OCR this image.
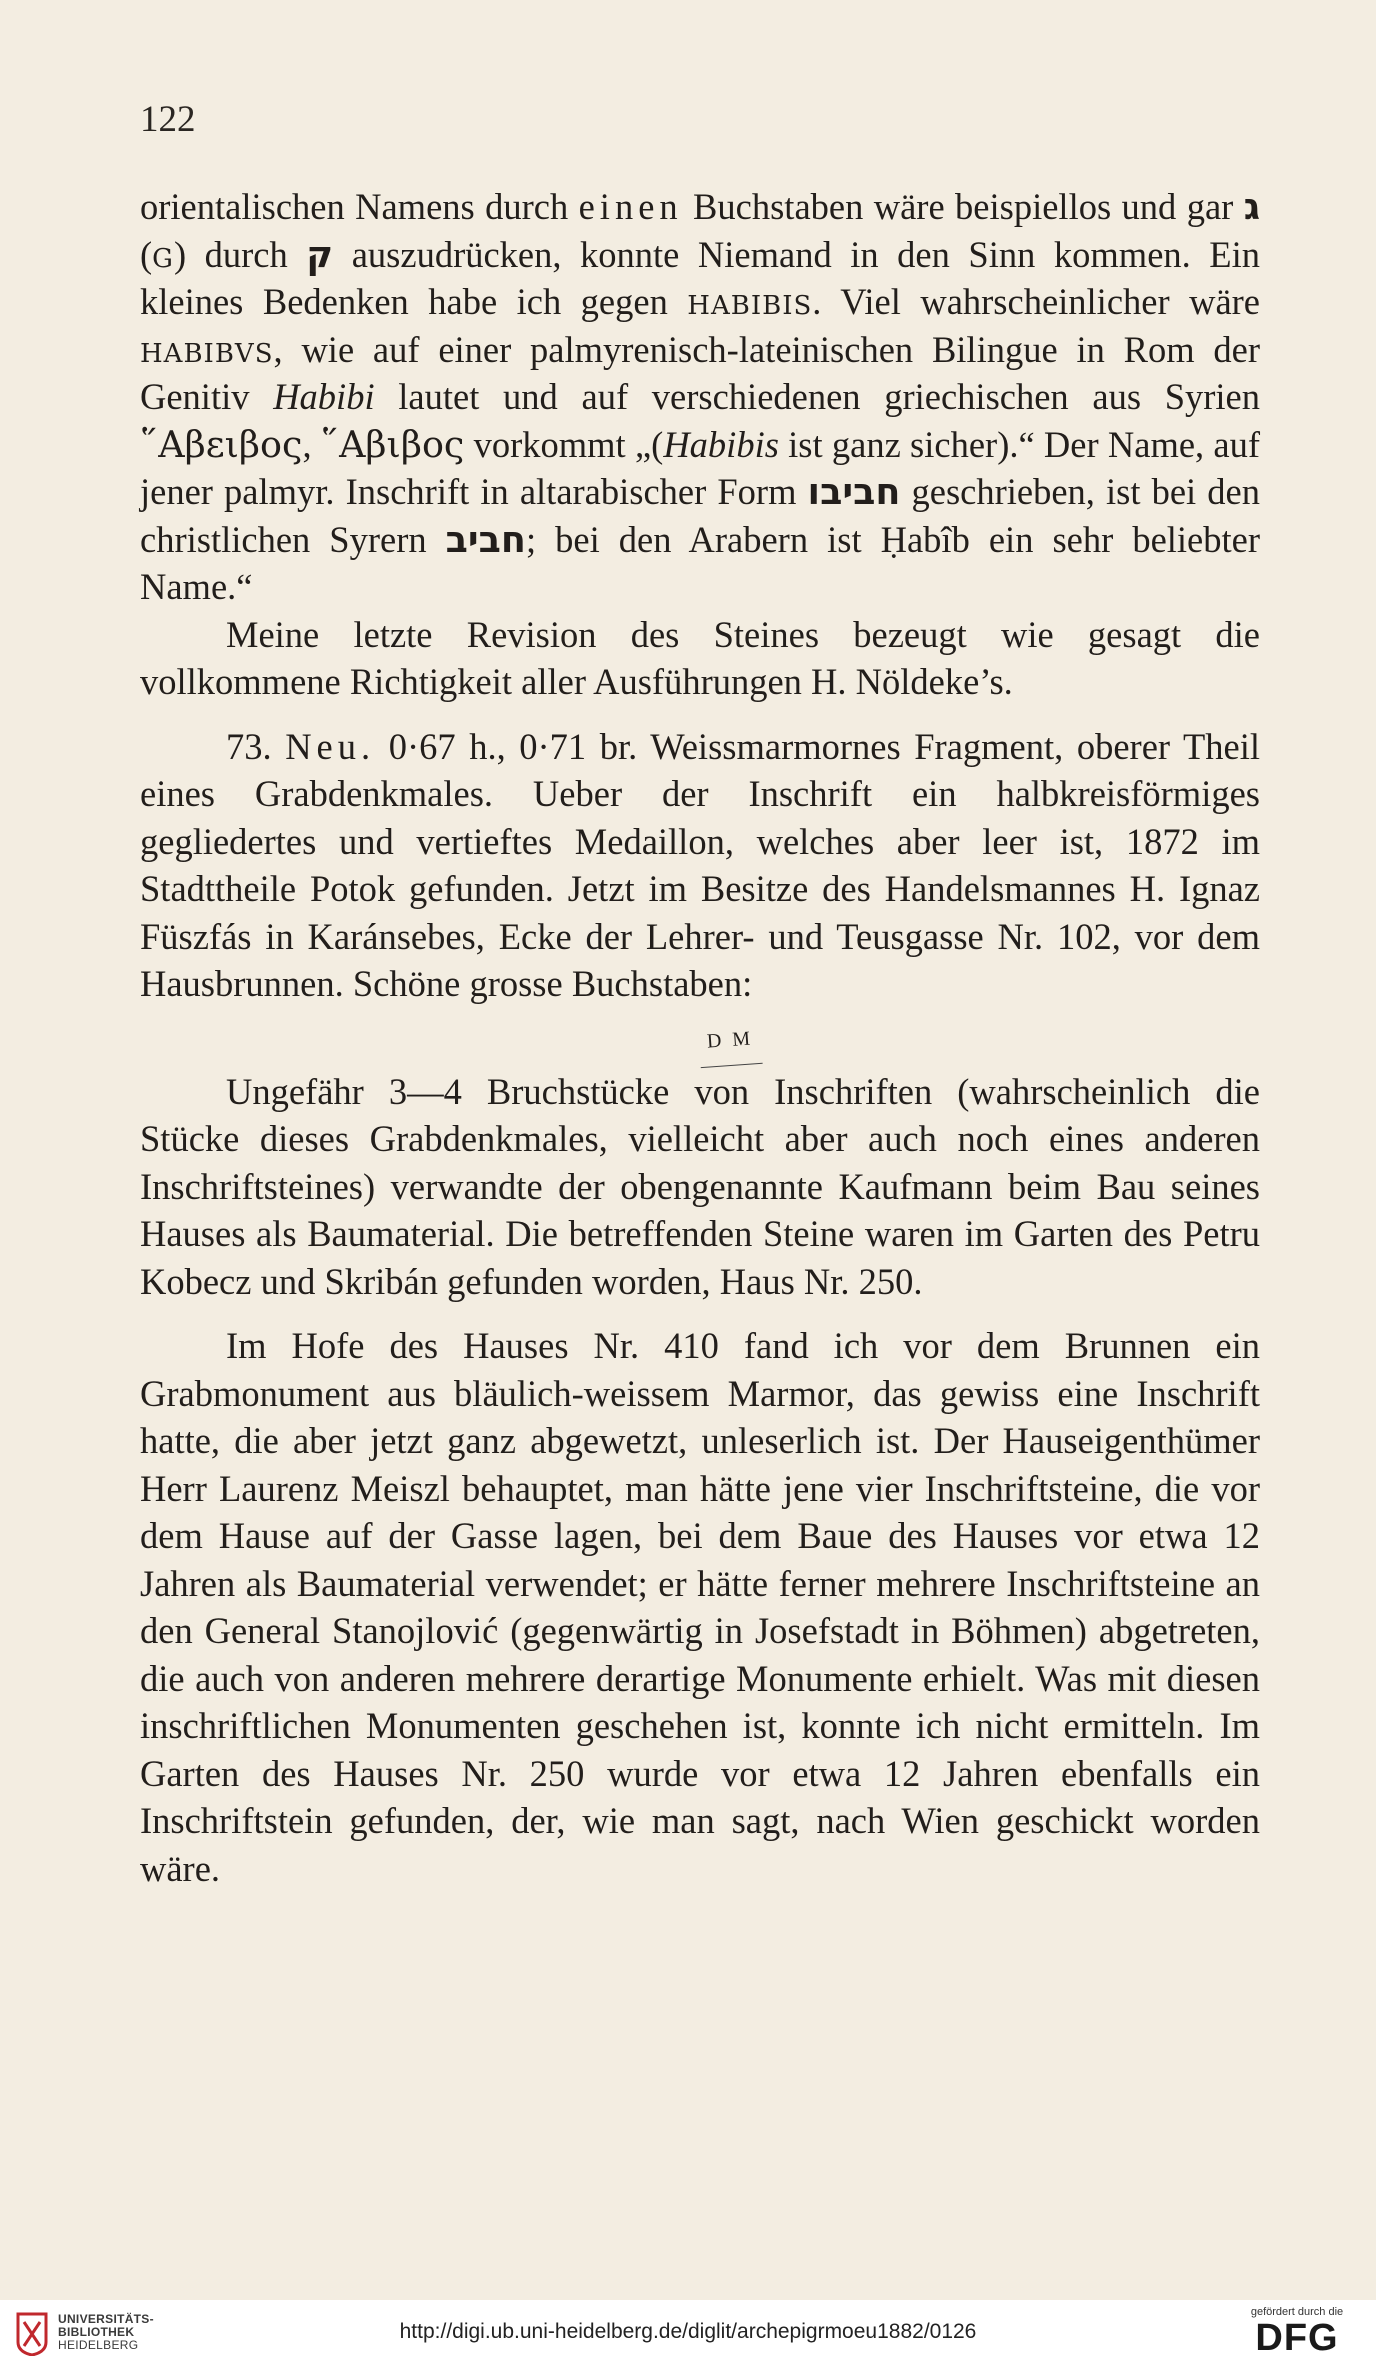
122

orientalischen Namens durch einen Buchstaben wäre beispiellos und gar ג (g) durch ק auszudrücken, konnte Niemand in den Sinn kommen. Ein kleines Bedenken habe ich gegen habibis. Viel wahrscheinlicher wäre habibvs, wie auf einer palmyrenisch-lateinischen Bilingue in Rom der Genitiv Habibi lautet und auf verschiedenen griechischen aus Syrien ῞Αβειβος, ῞Αβιβος vorkommt „(Habibis ist ganz sicher).“ Der Name, auf jener palmyr. Inschrift in altarabischer Form חביבו geschrieben, ist bei den christlichen Syrern חביב; bei den Arabern ist Ḥabîb ein sehr beliebter Name.“

Meine letzte Revision des Steines bezeugt wie gesagt die vollkommene Richtigkeit aller Ausführungen H. Nöldeke’s.

73. Neu. 0·67 h., 0·71 br. Weissmarmornes Fragment, oberer Theil eines Grabdenkmales. Ueber der Inschrift ein halbkreisförmiges gegliedertes und vertieftes Medaillon, welches aber leer ist, 1872 im Stadttheile Potok gefunden. Jetzt im Besitze des Handelsmannes H. Ignaz Füszfás in Karánsebes, Ecke der Lehrer- und Teusgasse Nr. 102, vor dem Hausbrunnen. Schöne grosse Buchstaben:

D M

Ungefähr 3—4 Bruchstücke von Inschriften (wahrscheinlich die Stücke dieses Grabdenkmales, vielleicht aber auch noch eines anderen Inschriftsteines) verwandte der obengenannte Kaufmann beim Bau seines Hauses als Baumaterial. Die betreffenden Steine waren im Garten des Petru Kobecz und Skribán gefunden worden, Haus Nr. 250.

Im Hofe des Hauses Nr. 410 fand ich vor dem Brunnen ein Grabmonument aus bläulich-weissem Marmor, das gewiss eine Inschrift hatte, die aber jetzt ganz abgewetzt, unleserlich ist. Der Hauseigenthümer Herr Laurenz Meiszl behauptet, man hätte jene vier Inschriftsteine, die vor dem Hause auf der Gasse lagen, bei dem Baue des Hauses vor etwa 12 Jahren als Baumaterial verwendet; er hätte ferner mehrere Inschriftsteine an den General Stanojlović (gegenwärtig in Josefstadt in Böhmen) abgetreten, die auch von anderen mehrere derartige Monumente erhielt. Was mit diesen inschriftlichen Monumenten geschehen ist, konnte ich nicht ermitteln. Im Garten des Hauses Nr. 250 wurde vor etwa 12 Jahren ebenfalls ein Inschriftstein gefunden, der, wie man sagt, nach Wien geschickt worden wäre.

UNIVERSITÄTS-
BIBLIOTHEK
HEIDELBERG
http://digi.ub.uni-heidelberg.de/diglit/archepigrmoeu1882/0126
gefördert durch die
DFG
